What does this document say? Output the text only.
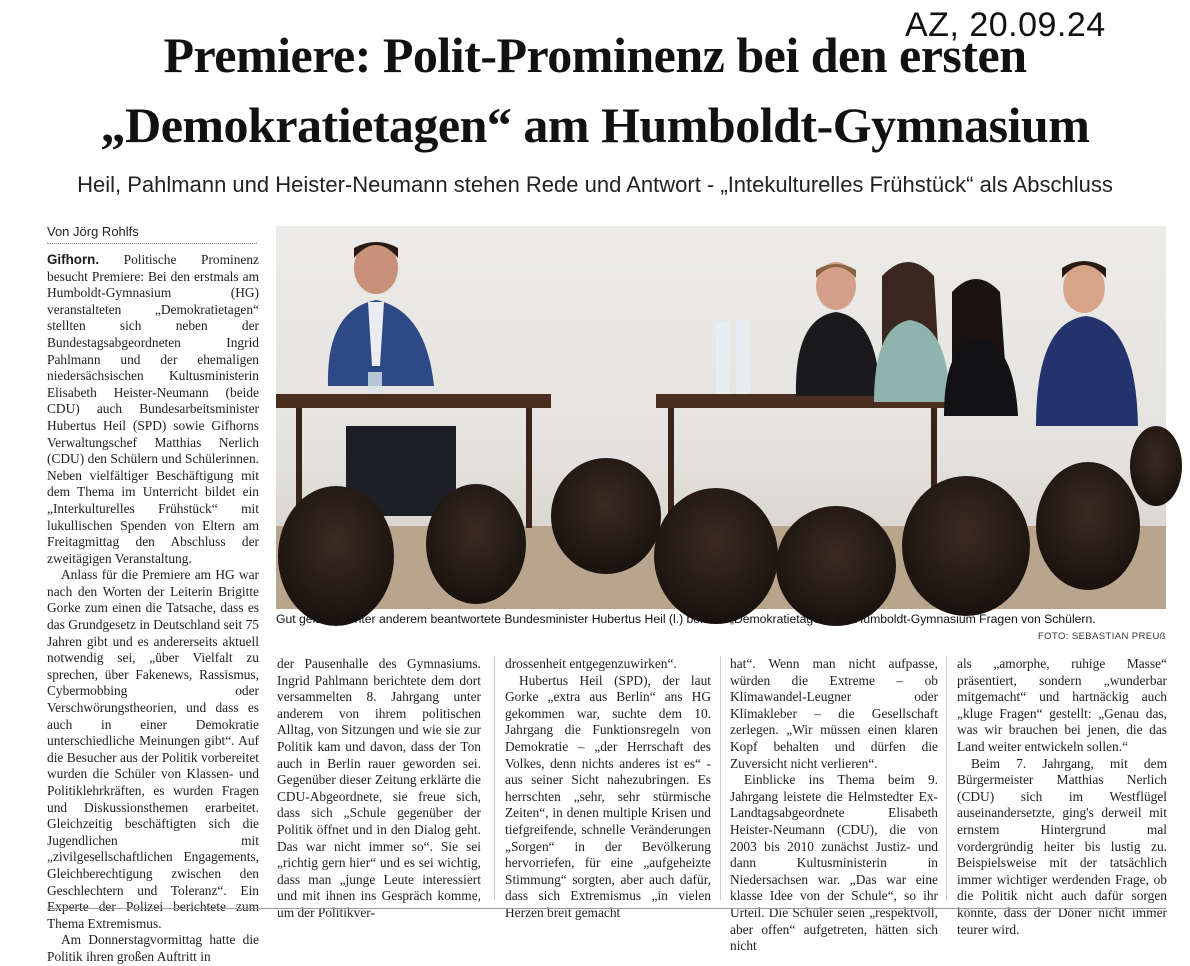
AZ, 20.09.24
Premiere: Polit-Prominenz bei den ersten
„Demokratietagen“ am Humboldt-Gymnasium
Heil, Pahlmann und Heister-Neumann stehen Rede und Antwort - „Intekulturelles Frühstück“ als Abschluss
Von Jörg Rohlfs

Gifhorn. Politische Prominenz besucht Premiere: Bei den erstmals am Humboldt-Gymnasium (HG) veranstalteten „Demokratietagen“ stellten sich neben der Bundestagsabgeordneten Ingrid Pahlmann und der ehemaligen niedersächsischen Kultusministerin Elisabeth Heister-Neumann (beide CDU) auch Bundesarbeitsminister Hubertus Heil (SPD) sowie Gifhorns Verwaltungschef Matthias Nerlich (CDU) den Schülern und Schülerinnen. Neben vielfältiger Beschäftigung mit dem Thema im Unterricht bildet ein „Interkulturelles Frühstück“ mit lukullischen Spenden von Eltern am Freitagmittag den Abschluss der zweitägigen Veranstaltung.

Anlass für die Premiere am HG war nach den Worten der Leiterin Brigitte Gorke zum einen die Tatsache, dass es das Grundgesetz in Deutschland seit 75 Jahren gibt und es andererseits aktuell notwendig sei, „über Vielfalt zu sprechen, über Fakenews, Rassismus, Cybermobbing oder Verschwörungstheorien, und dass es auch in einer Demokratie unterschiedliche Meinungen gibt“. Auf die Besucher aus der Politik vorbereitet wurden die Schüler von Klassen- und Politiklehrkräften, es wurden Fragen und Diskussionsthemen erarbeitet. Gleichzeitig beschäftigten sich die Jugendlichen mit „zivilgesellschaftlichen Engagements, Gleichberechtigung zwischen den Geschlechtern und Toleranz“. Ein Experte der Polizei berichtete zum Thema Extremismus.

Am Donnerstagvormittag hatte die Politik ihren großen Auftritt in

Gut gelaunt: Unter anderem beantwortete Bundesminister Hubertus Heil (l.) bei den „Demokratietagen“ am Humboldt-Gymnasium Fragen von Schülern.
FOTO: SEBASTIAN PREUß

der Pausenhalle des Gymnasiums. Ingrid Pahlmann berichtete dem dort versammelten 8. Jahrgang unter anderem von ihrem politischen Alltag, von Sitzungen und wie sie zur Politik kam und davon, dass der Ton auch in Berlin rauer geworden sei. Gegenüber dieser Zeitung erklärte die CDU-Abgeordnete, sie freue sich, dass sich „Schule gegenüber der Politik öffnet und in den Dialog geht. Das war nicht immer so“. Sie sei „richtig gern hier“ und es sei wichtig, dass man „junge Leute interessiert und mit ihnen ins Gespräch komme, um der Politikver-

drossenheit entgegenzuwirken“.

Hubertus Heil (SPD), der laut Gorke „extra aus Berlin“ ans HG gekommen war, suchte dem 10. Jahrgang die Funktionsregeln von Demokratie – „der Herrschaft des Volkes, denn nichts anderes ist es“ - aus seiner Sicht nahezubringen. Es herrschten „sehr, sehr stürmische Zeiten“, in denen multiple Krisen und tiefgreifende, schnelle Veränderungen „Sorgen“ in der Bevölkerung hervorriefen, für eine „aufgeheizte Stimmung“ sorgten, aber auch dafür, dass sich Extremismus „in vielen Herzen breit gemacht

hat“. Wenn man nicht aufpasse, würden die Extreme – ob Klimawandel-Leugner oder Klimakleber – die Gesellschaft zerlegen. „Wir müssen einen klaren Kopf behalten und dürfen die Zuversicht nicht verlieren“.

Einblicke ins Thema beim 9. Jahrgang leistete die Helmstedter Ex-Landtagsabgeordnete Elisabeth Heister-Neumann (CDU), die von 2003 bis 2010 zunächst Justiz- und dann Kultusministerin in Niedersachsen war. „Das war eine klasse Idee von der Schule“, so ihr Urteil. Die Schüler seien „respektvoll, aber offen“ aufgetreten, hätten sich nicht

als „amorphe, ruhige Masse“ präsentiert, sondern „wunderbar mitgemacht“ und hartnäckig auch „kluge Fragen“ gestellt: „Genau das, was wir brauchen bei jenen, die das Land weiter entwickeln sollen.“

Beim 7. Jahrgang, mit dem Bürgermeister Matthias Nerlich (CDU) sich im Westflügel auseinandersetzte, ging's derweil mit ernstem Hintergrund mal vordergründig heiter bis lustig zu. Beispielsweise mit der tatsächlich immer wichtiger werdenden Frage, ob die Politik nicht auch dafür sorgen könnte, dass der Döner nicht immer teurer wird.
